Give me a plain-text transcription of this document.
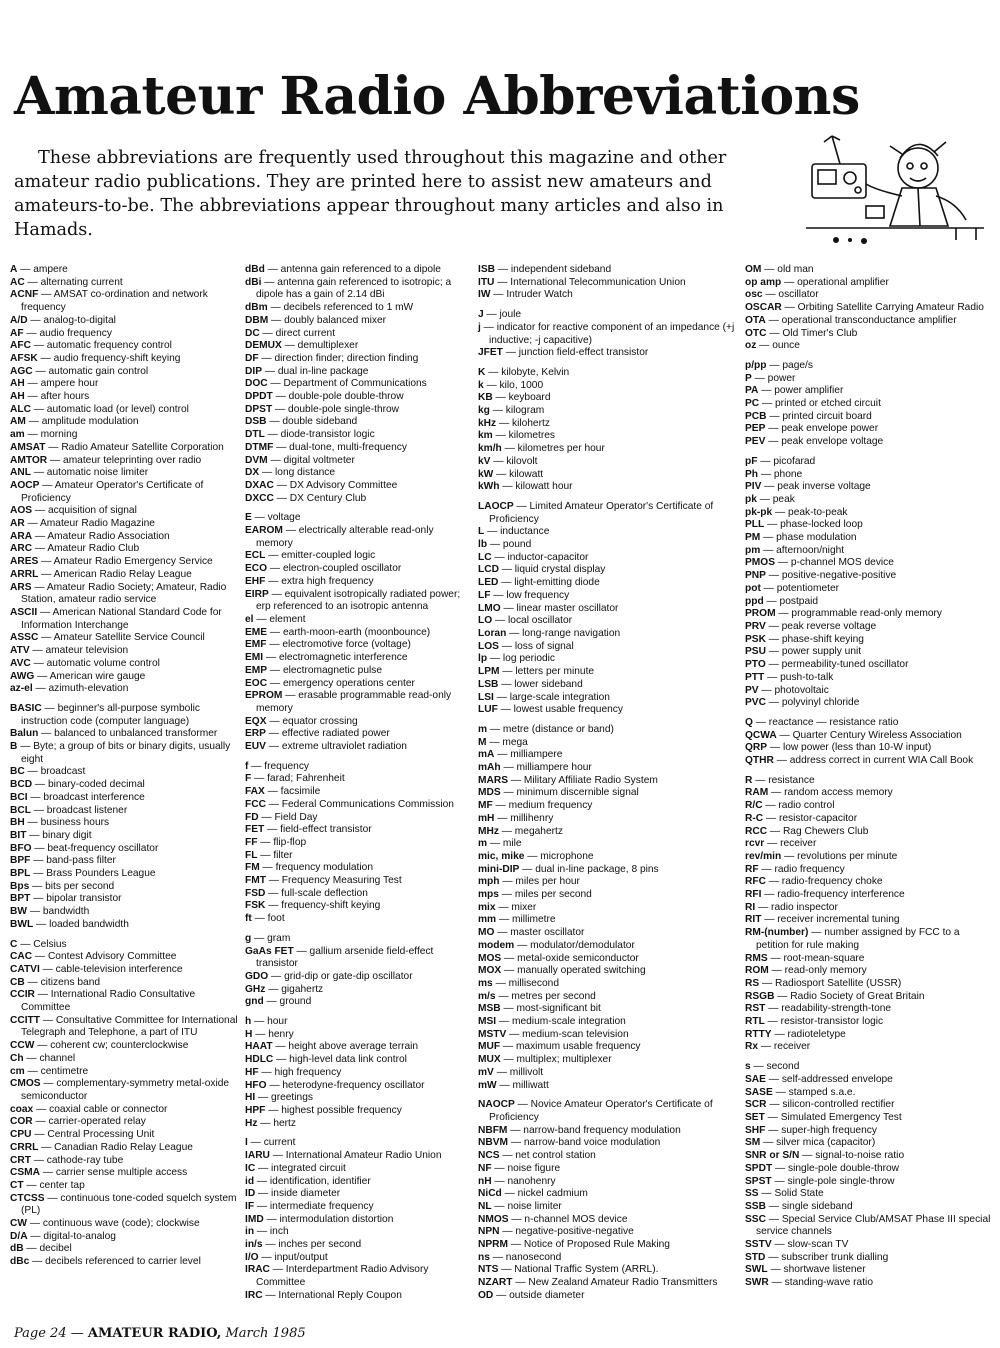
Amateur Radio Abbreviations

These abbreviations are frequently used throughout this magazine and other amateur radio publications. They are printed here to assist new amateurs and amateurs-to-be. The abbreviations appear throughout many articles and also in Hamads.

A — ampere

AC — alternating current

ACNF — AMSAT co-ordination and network frequency

A/D — analog-to-digital

AF — audio frequency

AFC — automatic frequency control

AFSK — audio frequency-shift keying

AGC — automatic gain control

AH — ampere hour

AH — after hours

ALC — automatic load (or level) control

AM — amplitude modulation

am — morning

AMSAT — Radio Amateur Satellite Corporation

AMTOR — amateur teleprinting over radio

ANL — automatic noise limiter

AOCP — Amateur Operator's Certificate of Proficiency

AOS — acquisition of signal

AR — Amateur Radio Magazine

ARA — Amateur Radio Association

ARC — Amateur Radio Club

ARES — Amateur Radio Emergency Service

ARRL — American Radio Relay League

ARS — Amateur Radio Society; Amateur, Radio Station, amateur radio service

ASCII — American National Standard Code for Information Interchange

ASSC — Amateur Satellite Service Council

ATV — amateur television

AVC — automatic volume control

AWG — American wire gauge

az-el — azimuth-elevation

BASIC — beginner's all-purpose symbolic instruction code (computer language)

Balun — balanced to unbalanced transformer

B — Byte; a group of bits or binary digits, usually eight

BC — broadcast

BCD — binary-coded decimal

BCI — broadcast interference

BCL — broadcast listener

BH — business hours

BIT — binary digit

BFO — beat-frequency oscillator

BPF — band-pass filter

BPL — Brass Pounders League

Bps — bits per second

BPT — bipolar transistor

BW — bandwidth

BWL — loaded bandwidth

C — Celsius

CAC — Contest Advisory Committee

CATVI — cable-television interference

CB — citizens band

CCIR — International Radio Consultative Committee

CCITT — Consultative Committee for International Telegraph and Telephone, a part of ITU

CCW — coherent cw; counterclockwise

Ch — channel

cm — centimetre

CMOS — complementary-symmetry metal-oxide semiconductor

coax — coaxial cable or connector

COR — carrier-operated relay

CPU — Central Processing Unit

CRRL — Canadian Radio Relay League

CRT — cathode-ray tube

CSMA — carrier sense multiple access

CT — center tap

CTCSS — continuous tone-coded squelch system (PL)

CW — continuous wave (code); clockwise

D/A — digital-to-analog

dB — decibel

dBc — decibels referenced to carrier level

dBd — antenna gain referenced to a dipole

dBi — antenna gain referenced to isotropic; a dipole has a gain of 2.14 dBi

dBm — decibels referenced to 1 mW

DBM — doubly balanced mixer

DC — direct current

DEMUX — demultiplexer

DF — direction finder; direction finding

DIP — dual in-line package

DOC — Department of Communications

DPDT — double-pole double-throw

DPST — double-pole single-throw

DSB — double sideband

DTL — diode-transistor logic

DTMF — dual-tone, multi-frequency

DVM — digital voltmeter

DX — long distance

DXAC — DX Advisory Committee

DXCC — DX Century Club

E — voltage

EAROM — electrically alterable read-only memory

ECL — emitter-coupled logic

ECO — electron-coupled oscillator

EHF — extra high frequency

EIRP — equivalent isotropically radiated power; erp referenced to an isotropic antenna

el — element

EME — earth-moon-earth (moonbounce)

EMF — electromotive force (voltage)

EMI — electromagnetic interference

EMP — electromagnetic pulse

EOC — emergency operations center

EPROM — erasable programmable read-only memory

EQX — equator crossing

ERP — effective radiated power

EUV — extreme ultraviolet radiation

f — frequency

F — farad; Fahrenheit

FAX — facsimile

FCC — Federal Communications Commission

FD — Field Day

FET — field-effect transistor

FF — flip-flop

FL — filter

FM — frequency modulation

FMT — Frequency Measuring Test

FSD — full-scale deflection

FSK — frequency-shift keying

ft — foot

g — gram

GaAs FET — gallium arsenide field-effect transistor

GDO — grid-dip or gate-dip oscillator

GHz — gigahertz

gnd — ground

h — hour

H — henry

HAAT — height above average terrain

HDLC — high-level data link control

HF — high frequency

HFO — heterodyne-frequency oscillator

HI — greetings

HPF — highest possible frequency

Hz — hertz

I — current

IARU — International Amateur Radio Union

IC — integrated circuit

id — identification, identifier

ID — inside diameter

IF — intermediate frequency

IMD — intermodulation distortion

in — inch

in/s — inches per second

I/O — input/output

IRAC — Interdepartment Radio Advisory Committee

IRC — International Reply Coupon

ISB — independent sideband

ITU — International Telecommunication Union

IW — Intruder Watch

J — joule

j — indicator for reactive component of an impedance (+j inductive; -j capacitive)

JFET — junction field-effect transistor

K — kilobyte, Kelvin

k — kilo, 1000

KB — keyboard

kg — kilogram

kHz — kilohertz

km — kilometres

km/h — kilometres per hour

kV — kilovolt

kW — kilowatt

kWh — kilowatt hour

LAOCP — Limited Amateur Operator's Certificate of Proficiency

L — inductance

lb — pound

LC — inductor-capacitor

LCD — liquid crystal display

LED — light-emitting diode

LF — low frequency

LMO — linear master oscillator

LO — local oscillator

Loran — long-range navigation

LOS — loss of signal

lp — log periodic

LPM — letters per minute

LSB — lower sideband

LSI — large-scale integration

LUF — lowest usable frequency

m — metre (distance or band)

M — mega

mA — milliampere

mAh — milliampere hour

MARS — Military Affiliate Radio System

MDS — minimum discernible signal

MF — medium frequency

mH — millihenry

MHz — megahertz

m — mile

mic, mike — microphone

mini-DIP — dual in-line package, 8 pins

mph — miles per hour

mps — miles per second

mix — mixer

mm — millimetre

MO — master oscillator

modem — modulator/demodulator

MOS — metal-oxide semiconductor

MOX — manually operated switching

ms — millisecond

m/s — metres per second

MSB — most-significant bit

MSI — medium-scale integration

MSTV — medium-scan television

MUF — maximum usable frequency

MUX — multiplex; multiplexer

mV — millivolt

mW — milliwatt

NAOCP — Novice Amateur Operator's Certificate of Proficiency

NBFM — narrow-band frequency modulation

NBVM — narrow-band voice modulation

NCS — net control station

NF — noise figure

nH — nanohenry

NiCd — nickel cadmium

NL — noise limiter

NMOS — n-channel MOS device

NPN — negative-positive-negative

NPRM — Notice of Proposed Rule Making

ns — nanosecond

NTS — National Traffic System (ARRL).

NZART — New Zealand Amateur Radio Transmitters

OD — outside diameter

OM — old man

op amp — operational amplifier

osc — oscillator

OSCAR — Orbiting Satellite Carrying Amateur Radio

OTA — operational transconductance amplifier

OTC — Old Timer's Club

oz — ounce

p/pp — page/s

P — power

PA — power amplifier

PC — printed or etched circuit

PCB — printed circuit board

PEP — peak envelope power

PEV — peak envelope voltage

pF — picofarad

Ph — phone

PIV — peak inverse voltage

pk — peak

pk-pk — peak-to-peak

PLL — phase-locked loop

PM — phase modulation

pm — afternoon/night

PMOS — p-channel MOS device

PNP — positive-negative-positive

pot — potentiometer

ppd — postpaid

PROM — programmable read-only memory

PRV — peak reverse voltage

PSK — phase-shift keying

PSU — power supply unit

PTO — permeability-tuned oscillator

PTT — push-to-talk

PV — photovoltaic

PVC — polyvinyl chloride

Q — reactance — resistance ratio

QCWA — Quarter Century Wireless Association

QRP — low power (less than 10-W input)

QTHR — address correct in current WIA Call Book

R — resistance

RAM — random access memory

R/C — radio control

R-C — resistor-capacitor

RCC — Rag Chewers Club

rcvr — receiver

rev/min — revolutions per minute

RF — radio frequency

RFC — radio-frequency choke

RFI — radio-frequency interference

RI — radio inspector

RIT — receiver incremental tuning

RM-(number) — number assigned by FCC to a petition for rule making

RMS — root-mean-square

ROM — read-only memory

RS — Radiosport Satellite (USSR)

RSGB — Radio Society of Great Britain

RST — readability-strength-tone

RTL — resistor-transistor logic

RTTY — radioteletype

Rx — receiver

s — second

SAE — self-addressed envelope

SASE — stamped s.a.e.

SCR — silicon-controlled rectifier

SET — Simulated Emergency Test

SHF — super-high frequency

SM — silver mica (capacitor)

SNR or S/N — signal-to-noise ratio

SPDT — single-pole double-throw

SPST — single-pole single-throw

SS — Solid State

SSB — single sideband

SSC — Special Service Club/AMSAT Phase III special service channels

SSTV — slow-scan TV

STD — subscriber trunk dialling

SWL — shortwave listener

SWR — standing-wave ratio

Page 24 — AMATEUR RADIO, March 1985
